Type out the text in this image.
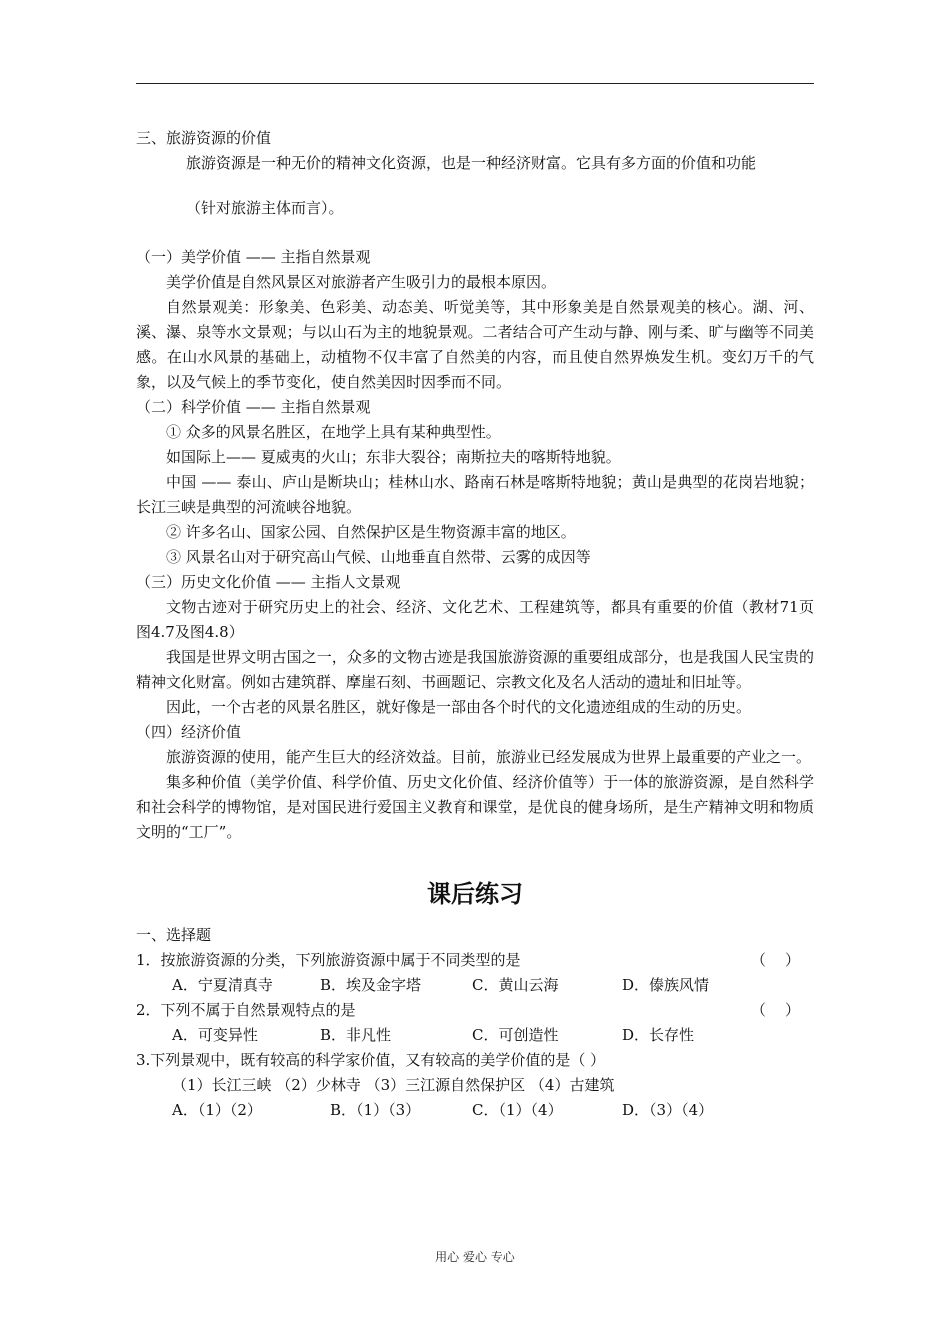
三、旅游资源的价值

旅游资源是一种无价的精神文化资源，也是一种经济财富。它具有多方面的价值和功能

（针对旅游主体而言）。

（一）美学价值 —— 主指自然景观

美学价值是自然风景区对旅游者产生吸引力的最根本原因。

自然景观美：形象美、色彩美、动态美、听觉美等，其中形象美是自然景观美的核心。湖、河、溪、瀑、泉等水文景观；与以山石为主的地貌景观。二者结合可产生动与静、刚与柔、旷与幽等不同美感。在山水风景的基础上，动植物不仅丰富了自然美的内容，而且使自然界焕发生机。变幻万千的气象，以及气候上的季节变化，使自然美因时因季而不同。

（二）科学价值 —— 主指自然景观

① 众多的风景名胜区，在地学上具有某种典型性。

如国际上—— 夏威夷的火山；东非大裂谷；南斯拉夫的喀斯特地貌。

中国 —— 泰山、庐山是断块山；桂林山水、路南石林是喀斯特地貌；黄山是典型的花岗岩地貌；长江三峡是典型的河流峡谷地貌。

② 许多名山、国家公园、自然保护区是生物资源丰富的地区。

③ 风景名山对于研究高山气候、山地垂直自然带、云雾的成因等

（三）历史文化价值 —— 主指人文景观

文物古迹对于研究历史上的社会、经济、文化艺术、工程建筑等，都具有重要的价值（教材71页 图4.7及图4.8）

我国是世界文明古国之一，众多的文物古迹是我国旅游资源的重要组成部分，也是我国人民宝贵的精神文化财富。例如古建筑群、摩崖石刻、书画题记、宗教文化及名人活动的遗址和旧址等。

因此，一个古老的风景名胜区，就好像是一部由各个时代的文化遗迹组成的生动的历史。

（四）经济价值

旅游资源的使用，能产生巨大的经济效益。目前，旅游业已经发展成为世界上最重要的产业之一。

集多种价值（美学价值、科学价值、历史文化价值、经济价值等）于一体的旅游资源，是自然科学和社会科学的博物馆，是对国民进行爱国主义教育和课堂，是优良的健身场所，是生产精神文明和物质文明的“工厂”。

课后练习

一、选择题

1．按旅游资源的分类，下列旅游资源中属于不同类型的是	（    ）
A．宁夏清真寺	B．埃及金字塔	C．黄山云海	D．傣族风情
2．下列不属于自然景观特点的是	（    ）
A．可变异性	B．非凡性	C．可创造性	D．长存性
3.下列景观中，既有较高的科学家价值，又有较高的美学价值的是（ ）

（1）长江三峡 （2）少林寺 （3）三江源自然保护区 （4）古建筑

A．（1）（2）	B．（1）（3）	C．（1）（4）	D．（3）（4）
用心 爱心 专心
